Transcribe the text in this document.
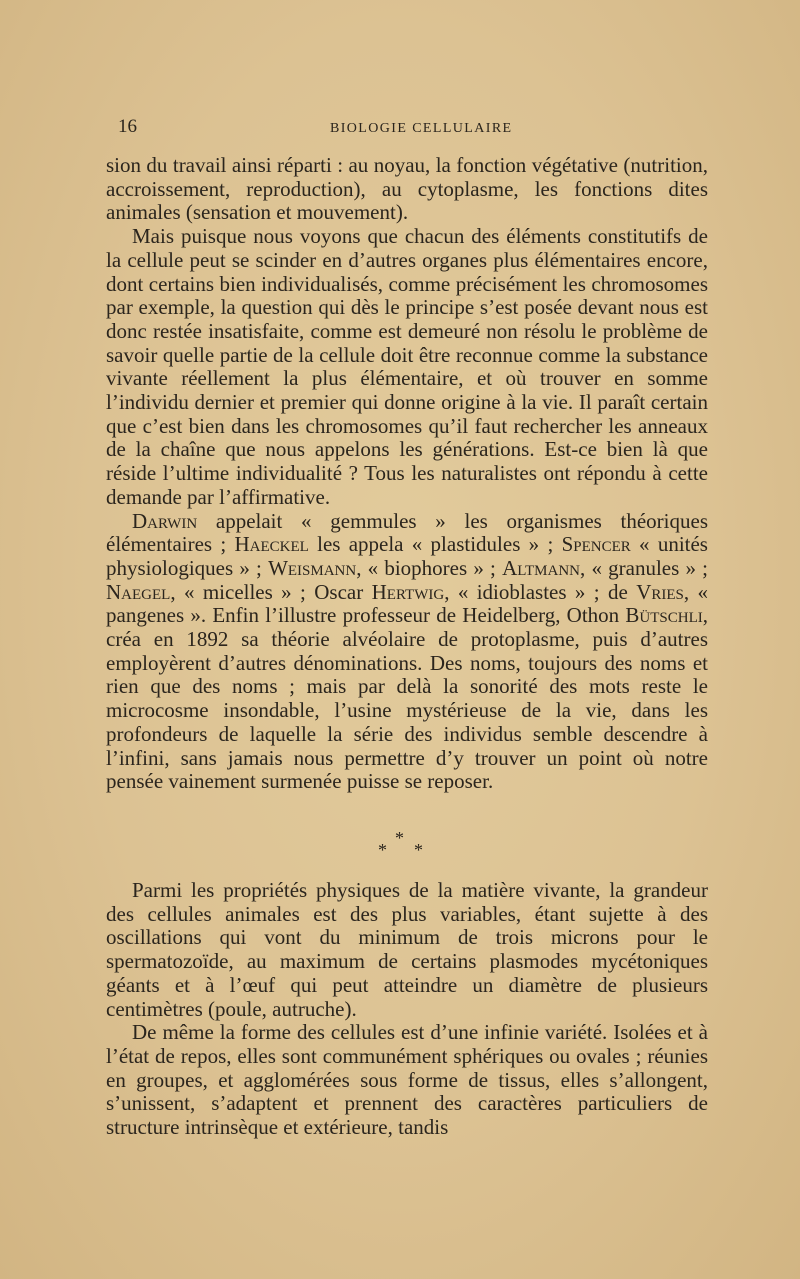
16	BIOLOGIE CELLULAIRE

sion du travail ainsi réparti : au noyau, la fonction végétative (nutrition, accroissement, reproduction), au cytoplasme, les fonctions dites animales (sensation et mouvement).

Mais puisque nous voyons que chacun des éléments constitutifs de la cellule peut se scinder en d’autres organes plus élémentaires encore, dont certains bien individualisés, comme précisément les chromosomes par exemple, la question qui dès le principe s’est posée devant nous est donc restée insatisfaite, comme est demeuré non résolu le problème de savoir quelle partie de la cellule doit être reconnue comme la substance vivante réellement la plus élémentaire, et où trouver en somme l’individu dernier et premier qui donne origine à la vie. Il paraît certain que c’est bien dans les chromosomes qu’il faut rechercher les anneaux de la chaîne que nous appelons les générations. Est-ce bien là que réside l’ultime individualité ? Tous les naturalistes ont répondu à cette demande par l’affirmative.

Darwin appelait « gemmules » les organismes théoriques élémentaires ; Haeckel les appela « plastidules » ; Spencer « unités physiologiques » ; Weismann, « biophores » ; Altmann, « granules » ; Naegel, « micelles » ; Oscar Hertwig, « idioblastes » ; de Vries, « pangenes ». Enfin l’illustre professeur de Heidelberg, Othon Bütschli, créa en 1892 sa théorie alvéolaire de protoplasme, puis d’autres employèrent d’autres dénominations. Des noms, toujours des noms et rien que des noms ; mais par delà la sonorité des mots reste le microcosme insondable, l’usine mystérieuse de la vie, dans les profondeurs de laquelle la série des individus semble descendre à l’infini, sans jamais nous permettre d’y trouver un point où notre pensée vainement surmenée puisse se reposer.

*
* *

Parmi les propriétés physiques de la matière vivante, la grandeur des cellules animales est des plus variables, étant sujette à des oscillations qui vont du minimum de trois microns pour le spermatozoïde, au maximum de certains plasmodes mycétoniques géants et à l’œuf qui peut atteindre un diamètre de plusieurs centimètres (poule, autruche).

De même la forme des cellules est d’une infinie variété. Isolées et à l’état de repos, elles sont communément sphériques ou ovales ; réunies en groupes, et agglomérées sous forme de tissus, elles s’allongent, s’unissent, s’adaptent et prennent des caractères particuliers de structure intrinsèque et extérieure, tandis
